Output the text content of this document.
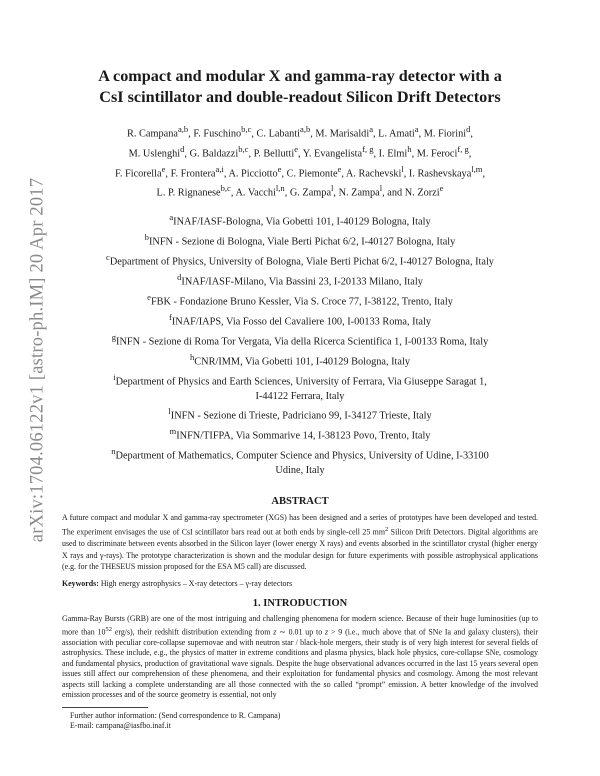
arXiv:1704.06122v1 [astro-ph.IM] 20 Apr 2017
A compact and modular X and gamma-ray detector with a
CsI scintillator and double-readout Silicon Drift Detectors
R. Campana$^{a,b}$, F. Fuschino$^{b,c}$, C. Labanti$^{a,b}$, M. Marisaldi$^a$, L. Amati$^a$, M. Fiorini$^d$,
M. Uslenghi$^d$, G. Baldazzi$^{b,c}$, P. Bellutti$^e$, Y. Evangelista$^{f, g}$, I. Elmi$^h$, M. Feroci$^{f, g}$,
F. Ficorella$^e$, F. Frontera$^{a,i}$, A. Picciotto$^e$, C. Piemonte$^e$, A. Rachevski$^l$, I. Rashevskaya$^{l,m}$,
L. P. Rignanese$^{b,c}$, A. Vacchi$^{l,n}$, G. Zampa$^l$, N. Zampa$^l$, and N. Zorzi$^e$
$^a$INAF/IASF-Bologna, Via Gobetti 101, I-40129 Bologna, Italy
$^b$INFN - Sezione di Bologna, Viale Berti Pichat 6/2, I-40127 Bologna, Italy
$^c$Department of Physics, University of Bologna, Viale Berti Pichat 6/2, I-40127 Bologna, Italy
$^d$INAF/IASF-Milano, Via Bassini 23, I-20133 Milano, Italy
$^e$FBK - Fondazione Bruno Kessler, Via S. Croce 77, I-38122, Trento, Italy
$^f$INAF/IAPS, Via Fosso del Cavaliere 100, I-00133 Roma, Italy
$^g$INFN - Sezione di Roma Tor Vergata, Via della Ricerca Scientifica 1, I-00133 Roma, Italy
$^h$CNR/IMM, Via Gobetti 101, I-40129 Bologna, Italy
$^i$Department of Physics and Earth Sciences, University of Ferrara, Via Giuseppe Saragat 1,
I-44122 Ferrara, Italy
$^l$INFN - Sezione di Trieste, Padriciano 99, I-34127 Trieste, Italy
$^m$INFN/TIFPA, Via Sommarive 14, I-38123 Povo, Trento, Italy
$^n$Department of Mathematics, Computer Science and Physics, University of Udine, I-33100
Udine, Italy
ABSTRACT

A future compact and modular X and gamma-ray spectrometer (XGS) has been designed and a series of prototypes have been developed and tested. The experiment envisages the use of CsI scintillator bars read out at both ends by single-cell 25 $mm^2$ Silicon Drift Detectors. Digital algorithms are used to discriminate between events absorbed in the Silicon layer (lower energy X rays) and events absorbed in the scintillator crystal (higher energy X rays and γ-rays). The prototype characterization is shown and the modular design for future experiments with possible astrophysical applications (e.g. for the THESEUS mission proposed for the ESA M5 call) are discussed.

Keywords: High energy astrophysics – X-ray detectors – γ-ray detectors

1. INTRODUCTION

Gamma-Ray Bursts (GRB) are one of the most intriguing and challenging phenomena for modern science. Because of their huge luminosities (up to more than $10^{52}$ erg/s), their redshift distribution extending from z ∼ 0.01 up to z > 9 (i.e., much above that of SNe Ia and galaxy clusters), their association with peculiar core-collapse supernovae and with neutron star / black-hole mergers, their study is of very high interest for several fields of astrophysics. These include, e.g., the physics of matter in extreme conditions and plasma physics, black hole physics, core-collapse SNe, cosmology and fundamental physics, production of gravitational wave signals. Despite the huge observational advances occurred in the last 15 years several open issues still affect our comprehension of these phenomena, and their exploitation for fundamental physics and cosmology. Among the most relevant aspects still lacking a complete understanding are all those connected with the so called “prompt” emission. A better knowledge of the involved emission processes and of the source geometry is essential, not only

Further author information: (Send correspondence to R. Campana)
E-mail: campana@iasfbo.inaf.it
